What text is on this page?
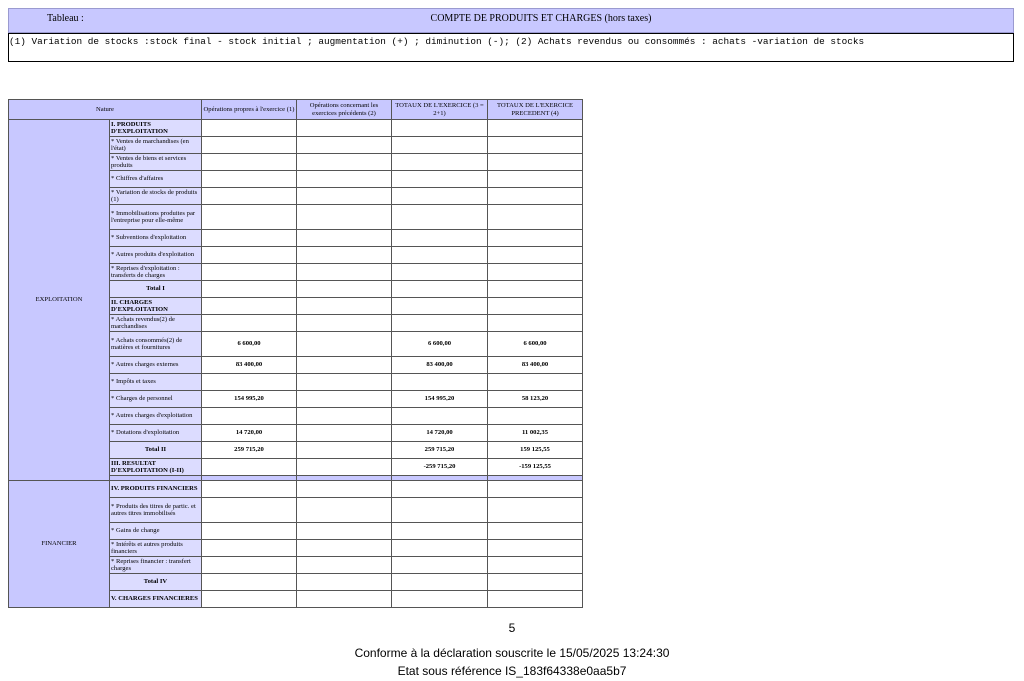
Tableau :	COMPTE DE PRODUITS ET CHARGES (hors taxes)
(1) Variation de stocks :stock final - stock initial ; augmentation (+) ; diminution (-); (2) Achats revendus ou consommés : achats -variation de stocks
Nature		Opérations propres à l'exercice (1)	Opérations concernant les exercices précédents (2)	TOTAUX DE L'EXERCICE (3 = 2+1)	TOTAUX DE L'EXERCICE PRECEDENT (4)
EXPLOITATION	I. PRODUITS D'EXPLOITATION				
	* Ventes de marchandises (en l'état)				
	* Ventes de biens et services produits				
	* Chiffres d'affaires				
	* Variation de stocks de produits (1)				
	* Immobilisations produites par l'entreprise pour elle-même				
	* Subventions d'exploitation				
	* Autres produits d'exploitation				
	* Reprises d'exploitation : transferts de charges				
	Total I				
	II. CHARGES D'EXPLOITATION				
	* Achats revendus(2) de marchandises				
	* Achats consommés(2) de matières et fournitures	6 600,00		6 600,00	6 600,00
	* Autres charges externes	83 400,00		83 400,00	83 400,00
	* Impôts et taxes				
	* Charges de personnel	154 995,20		154 995,20	58 123,20
	* Autres charges d'exploitation				
	* Dotations d'exploitation	14 720,00		14 720,00	11 002,35
	Total II	259 715,20		259 715,20	159 125,55
	III. RESULTAT D'EXPLOITATION (I-II)			-259 715,20	-159 125,55

FINANCIER	IV. PRODUITS FINANCIERS				
	* Produits des titres de partic. et autres titres immobilisés				
	* Gains de change				
	* Intérêts et autres produits financiers				
	* Reprises financier : transfert charges				
	Total IV				
	V. CHARGES FINANCIERES				
5
Conforme à la déclaration souscrite le 15/05/2025 13:24:30
Etat sous référence IS_183f64338e0aa5b7
